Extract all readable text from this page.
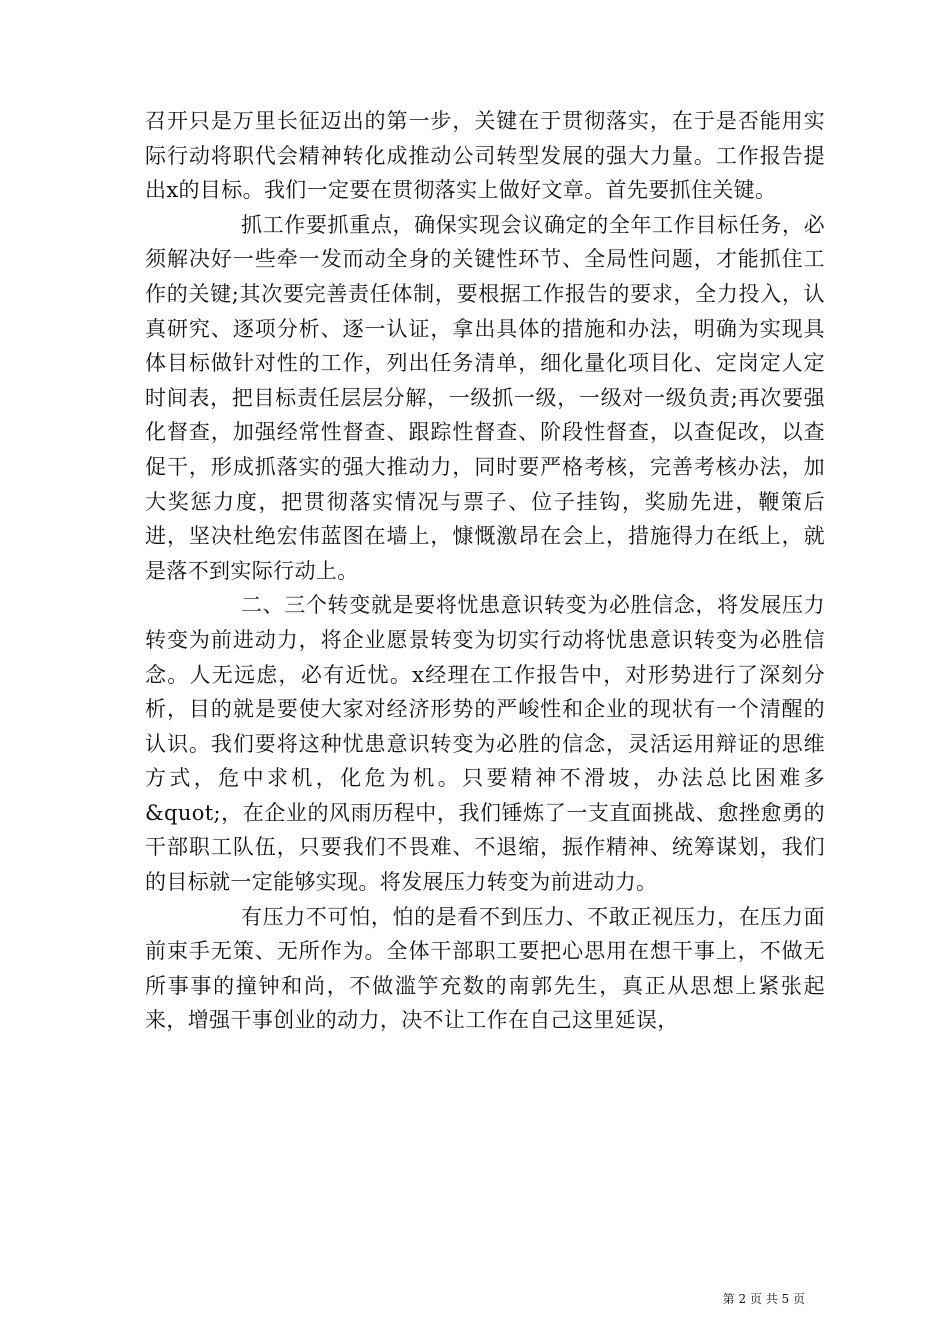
召开只是万里长征迈出的第一步，关键在于贯彻落实，在于是否能用实际行动将职代会精神转化成推动公司转型发展的强大力量。工作报告提出x的目标。我们一定要在贯彻落实上做好文章。首先要抓住关键。

抓工作要抓重点，确保实现会议确定的全年工作目标任务，必须解决好一些牵一发而动全身的关键性环节、全局性问题，才能抓住工作的关键;其次要完善责任体制，要根据工作报告的要求，全力投入，认真研究、逐项分析、逐一认证，拿出具体的措施和办法，明确为实现具体目标做针对性的工作，列出任务清单，细化量化项目化、定岗定人定时间表，把目标责任层层分解，一级抓一级，一级对一级负责;再次要强化督查，加强经常性督查、跟踪性督查、阶段性督查，以查促改，以查促干，形成抓落实的强大推动力，同时要严格考核，完善考核办法，加大奖惩力度，把贯彻落实情况与票子、位子挂钩，奖励先进，鞭策后进，坚决杜绝宏伟蓝图在墙上，慷慨激昂在会上，措施得力在纸上，就是落不到实际行动上。

二、三个转变就是要将忧患意识转变为必胜信念，将发展压力转变为前进动力，将企业愿景转变为切实行动将忧患意识转变为必胜信念。人无远虑，必有近忧。x经理在工作报告中，对形势进行了深刻分析，目的就是要使大家对经济形势的严峻性和企业的现状有一个清醒的认识。我们要将这种忧患意识转变为必胜的信念，灵活运用辩证的思维方式，危中求机，化危为机。只要精神不滑坡，办法总比困难多&quot;，在企业的风雨历程中，我们锤炼了一支直面挑战、愈挫愈勇的干部职工队伍，只要我们不畏难、不退缩，振作精神、统筹谋划，我们的目标就一定能够实现。将发展压力转变为前进动力。

有压力不可怕，怕的是看不到压力、不敢正视压力，在压力面前束手无策、无所作为。全体干部职工要把心思用在想干事上，不做无所事事的撞钟和尚，不做滥竽充数的南郭先生，真正从思想上紧张起来，增强干事创业的动力，决不让工作在自己这里延误，

第 2 页 共 5 页
